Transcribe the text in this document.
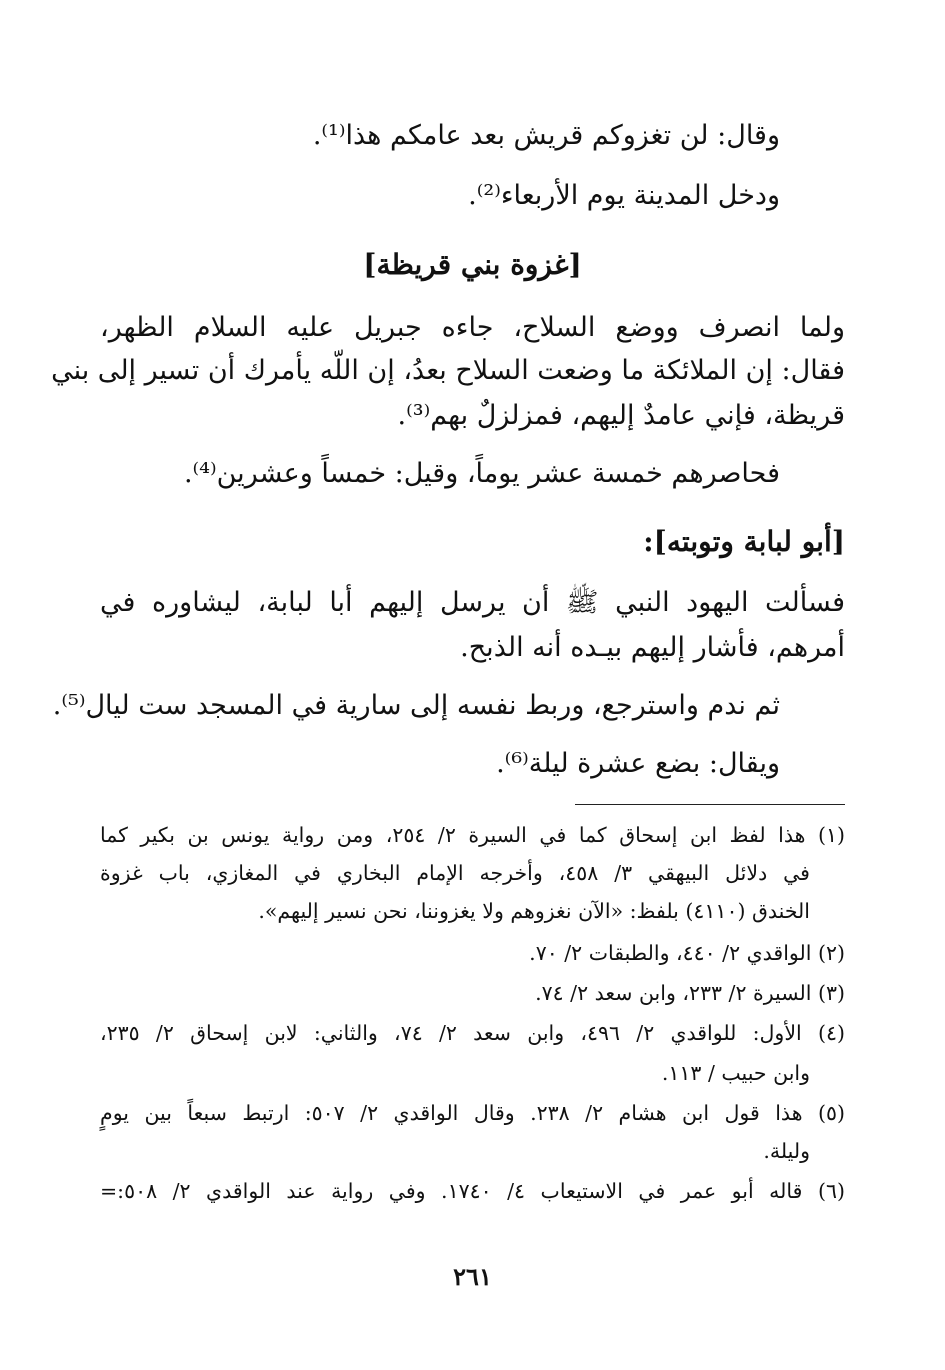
وقال: لن تغزوكم قريش بعد عامكم هذا⁽¹⁾.
ودخل المدينة يوم الأربعاء⁽²⁾.
[غزوة بني قريظة]
ولما انصرف ووضع السلاح، جاءه جبريل عليه السلام الظهر،
فقال: إن الملائكة ما وضعت السلاح بعدُ، إن اللّه يأمرك أن تسير إلى بني
قريظة، فإني عامدٌ إليهم، فمزلزلٌ بهم⁽³⁾.
فحاصرهم خمسة عشر يوماً، وقيل: خمساً وعشرين⁽⁴⁾.
[أبو لبابة وتوبته]:
فسألت اليهود النبي ﷺ أن يرسل إليهم أبا لبابة، ليشاوره في
أمرهم، فأشار إليهم بيـده أنه الذبح.
ثم ندم واسترجع، وربط نفسه إلى سارية في المسجد ست ليال⁽⁵⁾.
ويقال: بضع عشرة ليلة⁽⁶⁾.
(١) هذا لفظ ابن إسحاق كما في السيرة ٢/ ٢٥٤، ومن رواية يونس بن بكير كما
في دلائل البيهقي ٣/ ٤٥٨، وأخرجه الإمام البخاري في المغازي، باب غزوة
الخندق (٤١١٠) بلفظ: «الآن نغزوهم ولا يغزوننا، نحن نسير إليهم».
(٢) الواقدي ٢/ ٤٤٠، والطبقات ٢/ ٧٠.
(٣) السيرة ٢/ ٢٣٣، وابن سعد ٢/ ٧٤.
(٤) الأول: للواقدي ٢/ ٤٩٦، وابن سعد ٢/ ٧٤، والثاني: لابن إسحاق ٢/ ٢٣٥،
وابن حبيب / ١١٣.
(٥) هذا قول ابن هشام ٢/ ٢٣٨. وقال الواقدي ٢/ ٥٠٧: ارتبط سبعاً بين يومٍ
وليلة.
(٦) قاله أبو عمر في الاستيعاب ٤/ ١٧٤٠. وفي رواية عند الواقدي ٢/ ٥٠٨:=
٢٦١
